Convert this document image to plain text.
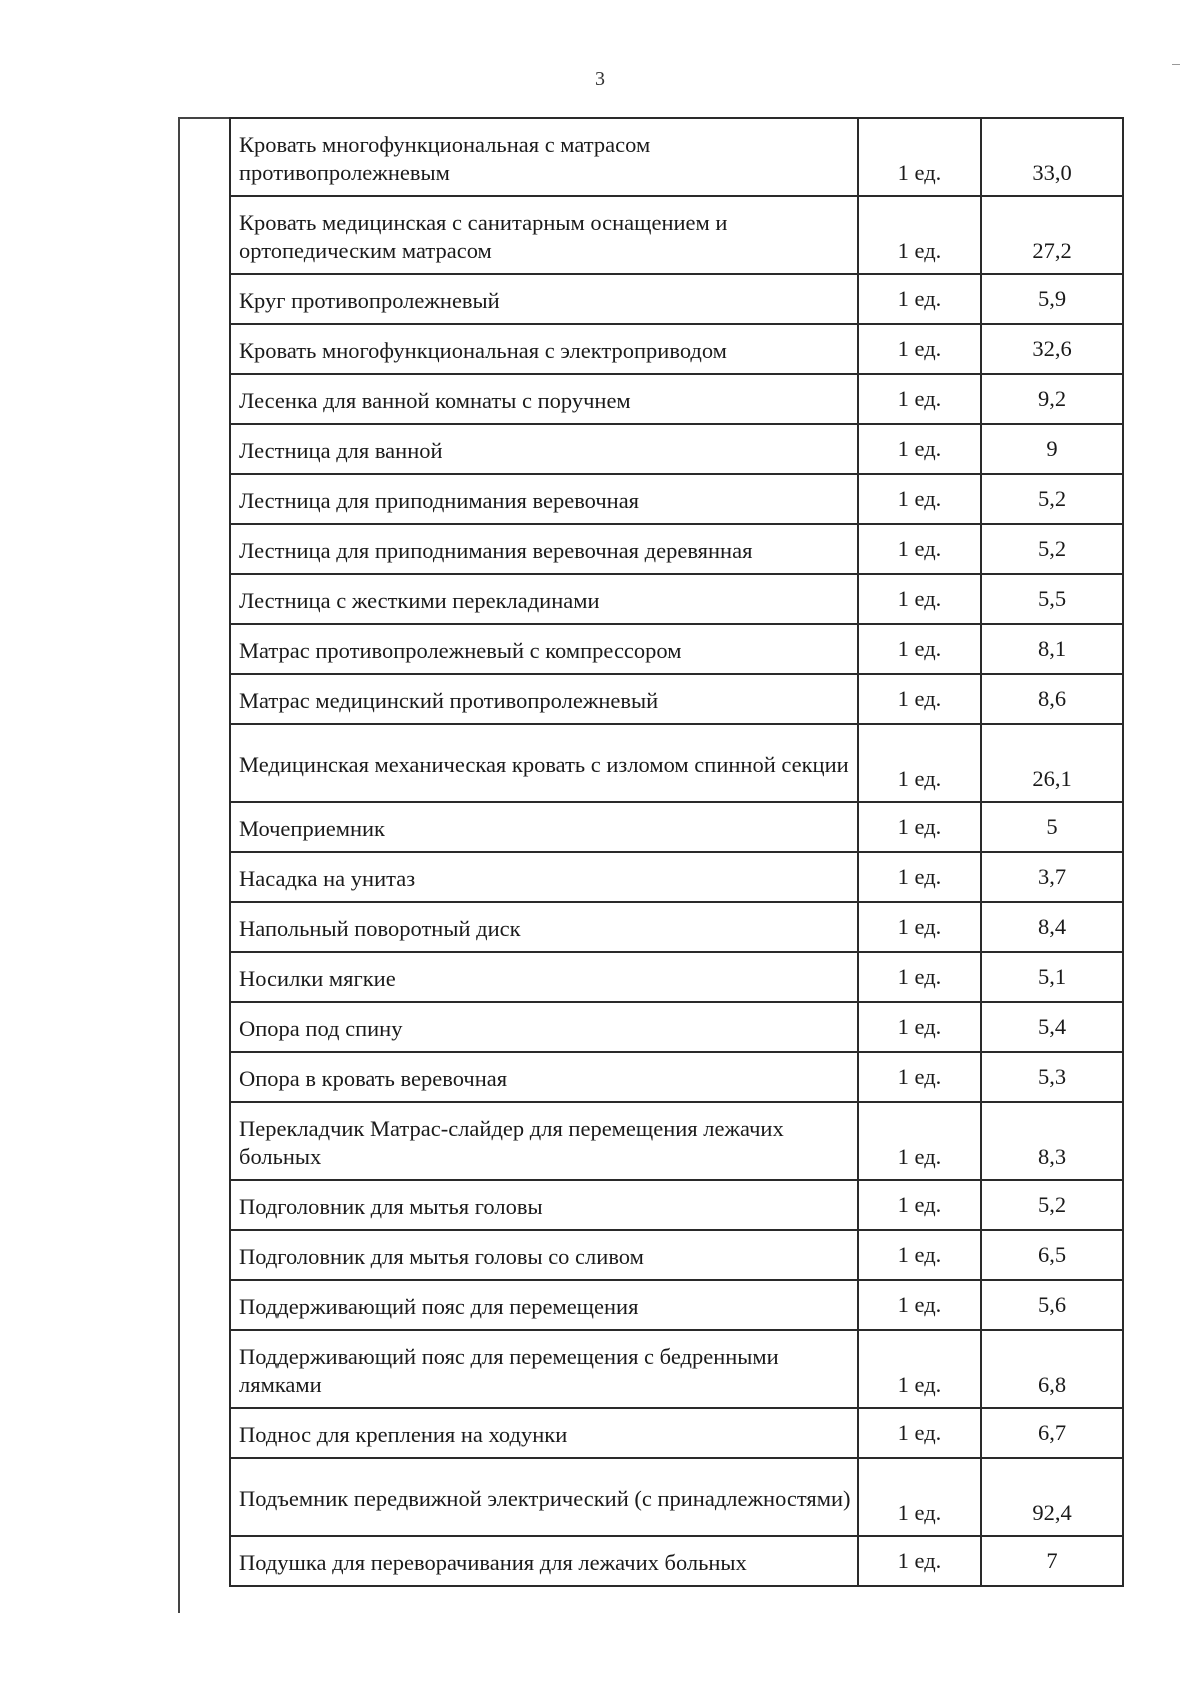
3
Кровать многофункциональная с матрасом противопролежневым	1 ед.	33,0
Кровать медицинская с санитарным оснащением и ортопедическим матрасом	1 ед.	27,2
Круг противопролежневый	1 ед.	5,9
Кровать многофункциональная с электроприводом	1 ед.	32,6
Лесенка для ванной комнаты с поручнем	1 ед.	9,2
Лестница для ванной	1 ед.	9
Лестница для приподнимания веревочная	1 ед.	5,2
Лестница для приподнимания веревочная деревянная	1 ед.	5,2
Лестница с жесткими перекладинами	1 ед.	5,5
Матрас противопролежневый с компрессором	1 ед.	8,1
Матрас медицинский противопролежневый	1 ед.	8,6
Медицинская механическая кровать с изломом спинной секции	1 ед.	26,1
Мочеприемник	1 ед.	5
Насадка на унитаз	1 ед.	3,7
Напольный поворотный диск	1 ед.	8,4
Носилки мягкие	1 ед.	5,1
Опора под спину	1 ед.	5,4
Опора в кровать веревочная	1 ед.	5,3
Перекладчик Матрас-слайдер для перемещения лежачих больных	1 ед.	8,3
Подголовник для мытья головы	1 ед.	5,2
Подголовник для мытья головы со сливом	1 ед.	6,5
Поддерживающий пояс для перемещения	1 ед.	5,6
Поддерживающий пояс для перемещения с бедренными лямками	1 ед.	6,8
Поднос для крепления на ходунки	1 ед.	6,7
Подъемник передвижной электрический (с принадлежностями)	1 ед.	92,4
Подушка для переворачивания для лежачих больных	1 ед.	7
